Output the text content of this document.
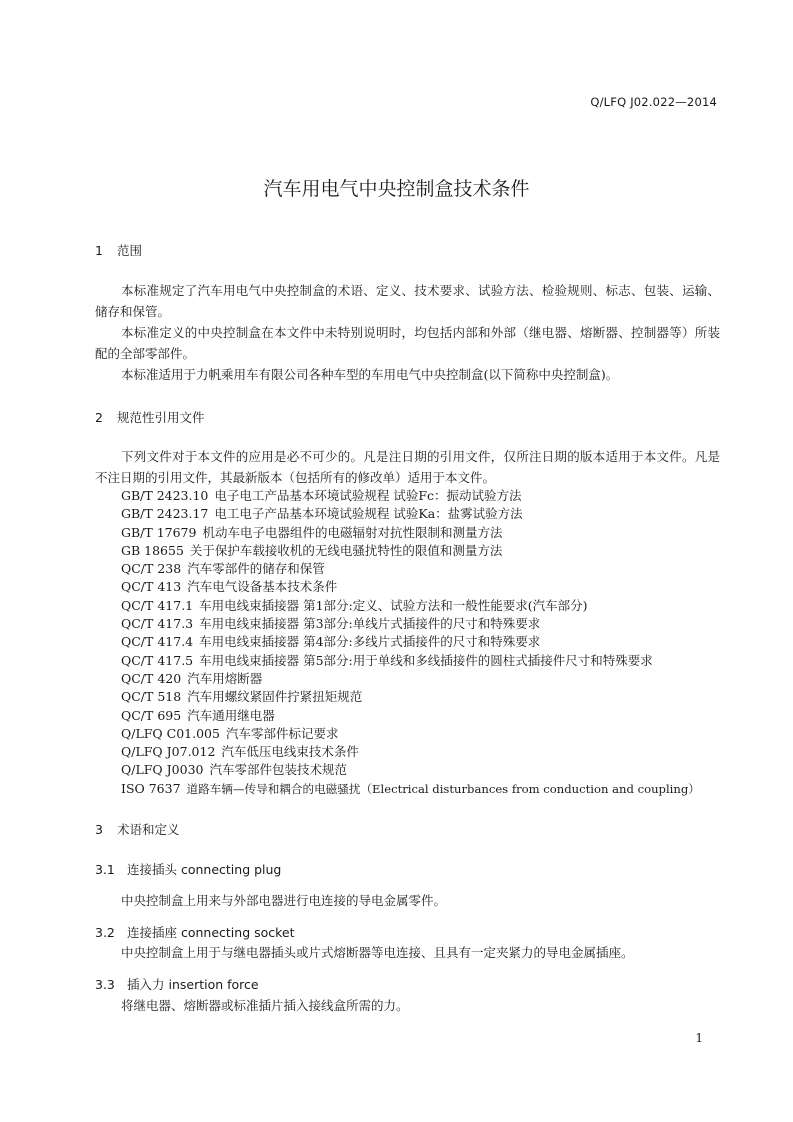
Q/LFQ J02.022—2014
汽车用电气中央控制盒技术条件
1 范围
本标准规定了汽车用电气中央控制盒的术语、定义、技术要求、试验方法、检验规则、标志、包装、运输、储存和保管。
本标准定义的中央控制盒在本文件中未特别说明时，均包括内部和外部（继电器、熔断器、控制器等）所装配的全部零部件。
本标准适用于力帆乘用车有限公司各种车型的车用电气中央控制盒(以下简称中央控制盒)。
2 规范性引用文件
下列文件对于本文件的应用是必不可少的。凡是注日期的引用文件，仅所注日期的版本适用于本文件。凡是不注日期的引用文件，其最新版本（包括所有的修改单）适用于本文件。
GB/T 2423.10 电子电工产品基本环境试验规程 试验Fc：振动试验方法
GB/T 2423.17 电工电子产品基本环境试验规程 试验Ka：盐雾试验方法
GB/T 17679 机动车电子电器组件的电磁辐射对抗性限制和测量方法
GB 18655 关于保护车载接收机的无线电骚扰特性的限值和测量方法
QC/T 238 汽车零部件的储存和保管
QC/T 413 汽车电气设备基本技术条件
QC/T 417.1 车用电线束插接器 第1部分:定义、试验方法和一般性能要求(汽车部分)
QC/T 417.3 车用电线束插接器 第3部分:单线片式插接件的尺寸和特殊要求
QC/T 417.4 车用电线束插接器 第4部分:多线片式插接件的尺寸和特殊要求
QC/T 417.5 车用电线束插接器 第5部分:用于单线和多线插接件的圆柱式插接件尺寸和特殊要求
QC/T 420 汽车用熔断器
QC/T 518 汽车用螺纹紧固件拧紧扭矩规范
QC/T 695 汽车通用继电器
Q/LFQ C01.005 汽车零部件标记要求
Q/LFQ J07.012 汽车低压电线束技术条件
Q/LFQ J0030 汽车零部件包装技术规范
ISO 7637 道路车辆—传导和耦合的电磁骚扰（Electrical disturbances from conduction and coupling）
3 术语和定义
3.1 连接插头 connecting plug
中央控制盒上用来与外部电器进行电连接的导电金属零件。
3.2 连接插座 connecting socket
中央控制盒上用于与继电器插头或片式熔断器等电连接、且具有一定夹紧力的导电金属插座。
3.3 插入力 insertion force
将继电器、熔断器或标准插片插入接线盒所需的力。
1
